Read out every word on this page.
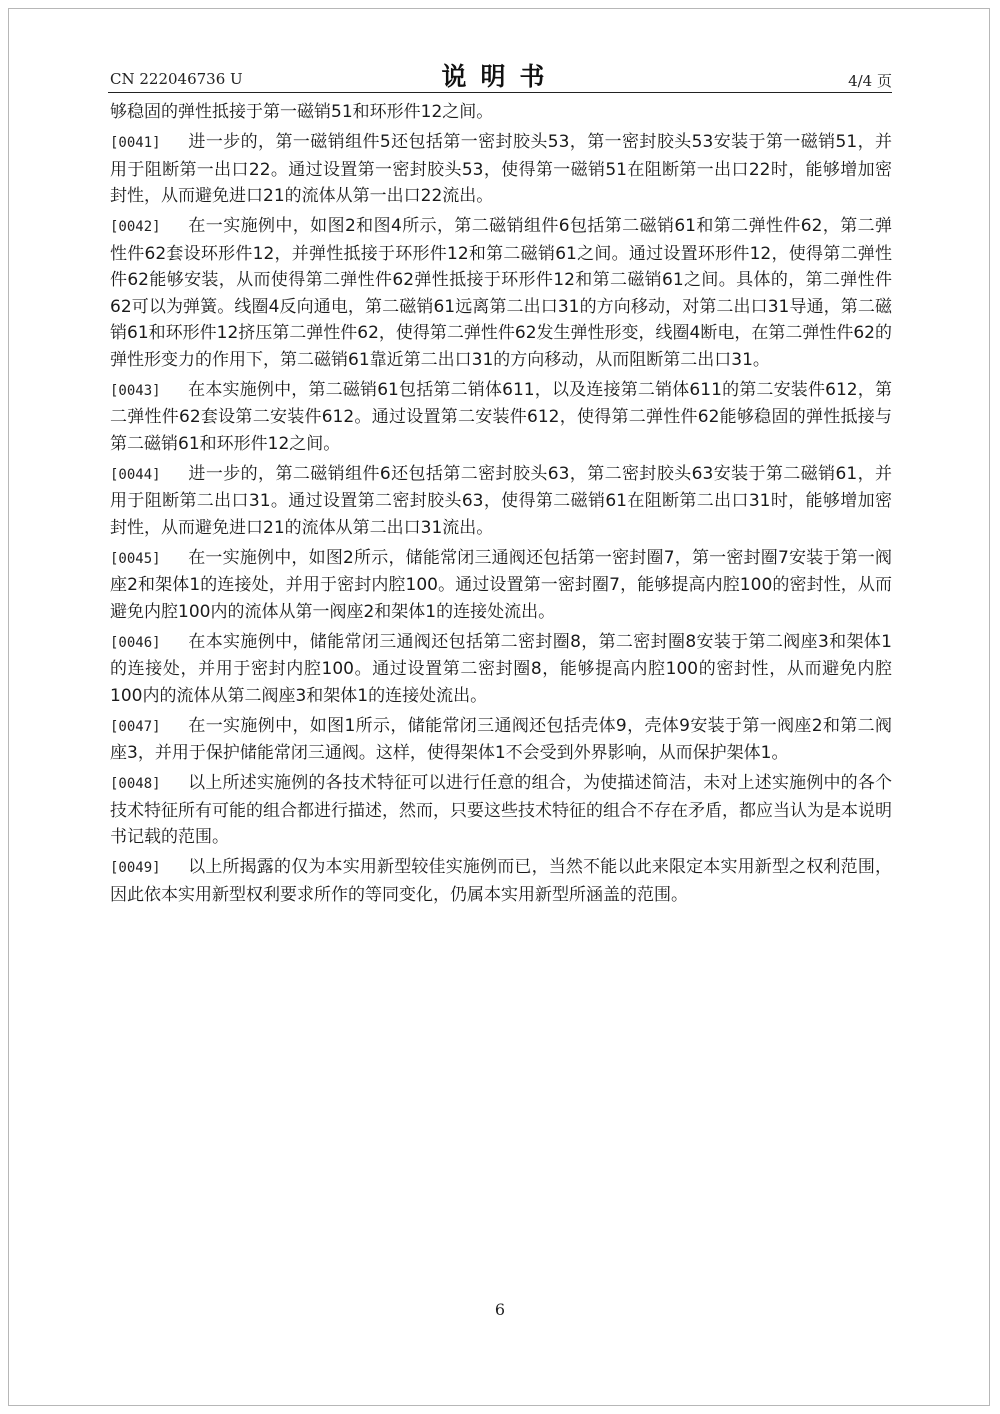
CN 222046736 U	说明书	4/4 页

够稳固的弹性抵接于第一磁销51和环形件12之间。

[0041] 进一步的，第一磁销组件5还包括第一密封胶头53，第一密封胶头53安装于第一磁销51，并用于阻断第一出口22。通过设置第一密封胶头53，使得第一磁销51在阻断第一出口22时，能够增加密封性，从而避免进口21的流体从第一出口22流出。

[0042] 在一实施例中，如图2和图4所示，第二磁销组件6包括第二磁销61和第二弹性件62，第二弹性件62套设环形件12，并弹性抵接于环形件12和第二磁销61之间。通过设置环形件12，使得第二弹性件62能够安装，从而使得第二弹性件62弹性抵接于环形件12和第二磁销61之间。具体的，第二弹性件62可以为弹簧。线圈4反向通电，第二磁销61远离第二出口31的方向移动，对第二出口31导通，第二磁销61和环形件12挤压第二弹性件62，使得第二弹性件62发生弹性形变，线圈4断电，在第二弹性件62的弹性形变力的作用下，第二磁销61靠近第二出口31的方向移动，从而阻断第二出口31。

[0043] 在本实施例中，第二磁销61包括第二销体611，以及连接第二销体611的第二安装件612，第二弹性件62套设第二安装件612。通过设置第二安装件612，使得第二弹性件62能够稳固的弹性抵接与第二磁销61和环形件12之间。

[0044] 进一步的，第二磁销组件6还包括第二密封胶头63，第二密封胶头63安装于第二磁销61，并用于阻断第二出口31。通过设置第二密封胶头63，使得第二磁销61在阻断第二出口31时，能够增加密封性，从而避免进口21的流体从第二出口31流出。

[0045] 在一实施例中，如图2所示，储能常闭三通阀还包括第一密封圈7，第一密封圈7安装于第一阀座2和架体1的连接处，并用于密封内腔100。通过设置第一密封圈7，能够提高内腔100的密封性，从而避免内腔100内的流体从第一阀座2和架体1的连接处流出。

[0046] 在本实施例中，储能常闭三通阀还包括第二密封圈8，第二密封圈8安装于第二阀座3和架体1的连接处，并用于密封内腔100。通过设置第二密封圈8，能够提高内腔100的密封性，从而避免内腔100内的流体从第二阀座3和架体1的连接处流出。

[0047] 在一实施例中，如图1所示，储能常闭三通阀还包括壳体9，壳体9安装于第一阀座2和第二阀座3，并用于保护储能常闭三通阀。这样，使得架体1不会受到外界影响，从而保护架体1。

[0048] 以上所述实施例的各技术特征可以进行任意的组合，为使描述简洁，未对上述实施例中的各个技术特征所有可能的组合都进行描述，然而，只要这些技术特征的组合不存在矛盾，都应当认为是本说明书记载的范围。

[0049] 以上所揭露的仅为本实用新型较佳实施例而已，当然不能以此来限定本实用新型之权利范围，因此依本实用新型权利要求所作的等同变化，仍属本实用新型所涵盖的范围。

6
